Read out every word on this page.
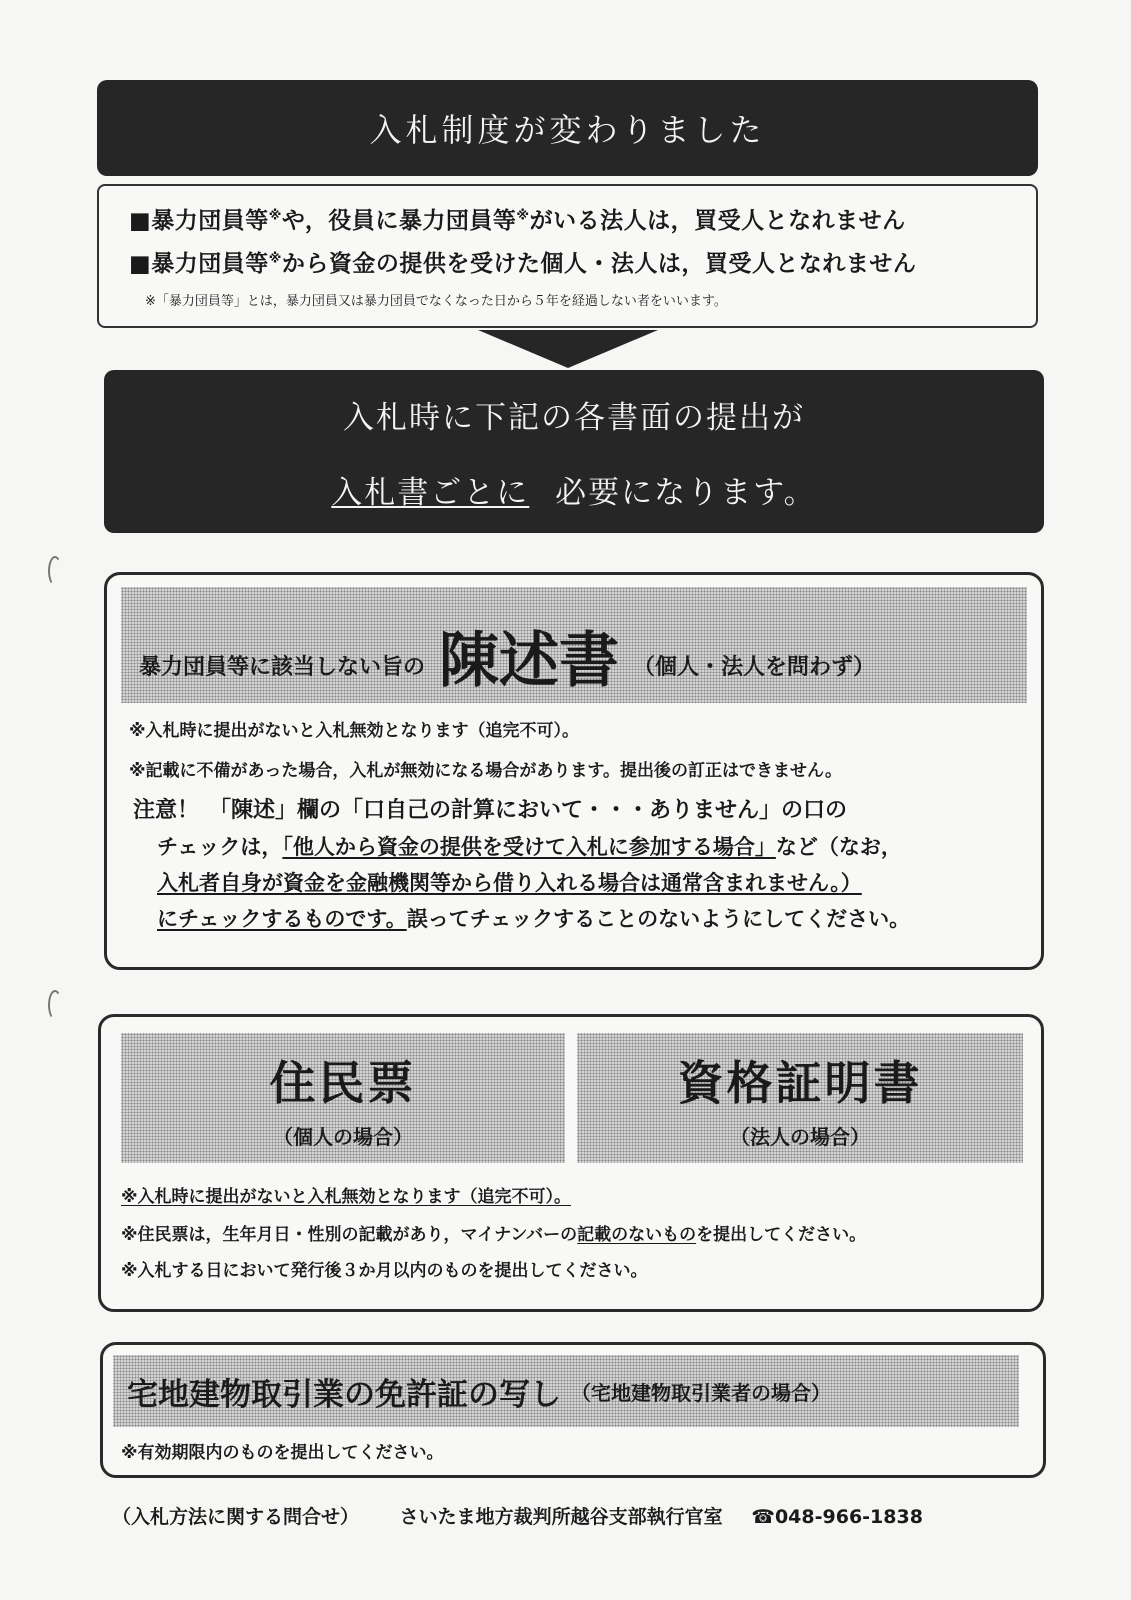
入札制度が変わりました
■暴力団員等※や，役員に暴力団員等※がいる法人は，買受人となれません
■暴力団員等※から資金の提供を受けた個人・法人は，買受人となれません
※「暴力団員等」とは，暴力団員又は暴力団員でなくなった日から５年を経過しない者をいいます。
入札時に下記の各書面の提出が
入札書ごとに 必要になります。
暴力団員等に該当しない旨の 陳述書 （個人・法人を問わず）
※入札時に提出がないと入札無効となります（追完不可）。
※記載に不備があった場合，入札が無効になる場合があります。提出後の訂正はできません。
注意！ 「陳述」欄の「口自己の計算において・・・ありません」の口の
チェックは，「他人から資金の提供を受けて入札に参加する場合」など（なお，
入札者自身が資金を金融機関等から借り入れる場合は通常含まれません。）
にチェックするものです。誤ってチェックすることのないようにしてください。
住民票
（個人の場合）
資格証明書
（法人の場合）
※入札時に提出がないと入札無効となります（追完不可）。
※住民票は，生年月日・性別の記載があり，マイナンバーの記載のないものを提出してください。
※入札する日において発行後３か月以内のものを提出してください。
宅地建物取引業の免許証の写し （宅地建物取引業者の場合）
※有効期限内のものを提出してください。
（入札方法に関する問合せ） さいたま地方裁判所越谷支部執行官室 ☎048-966-1838
